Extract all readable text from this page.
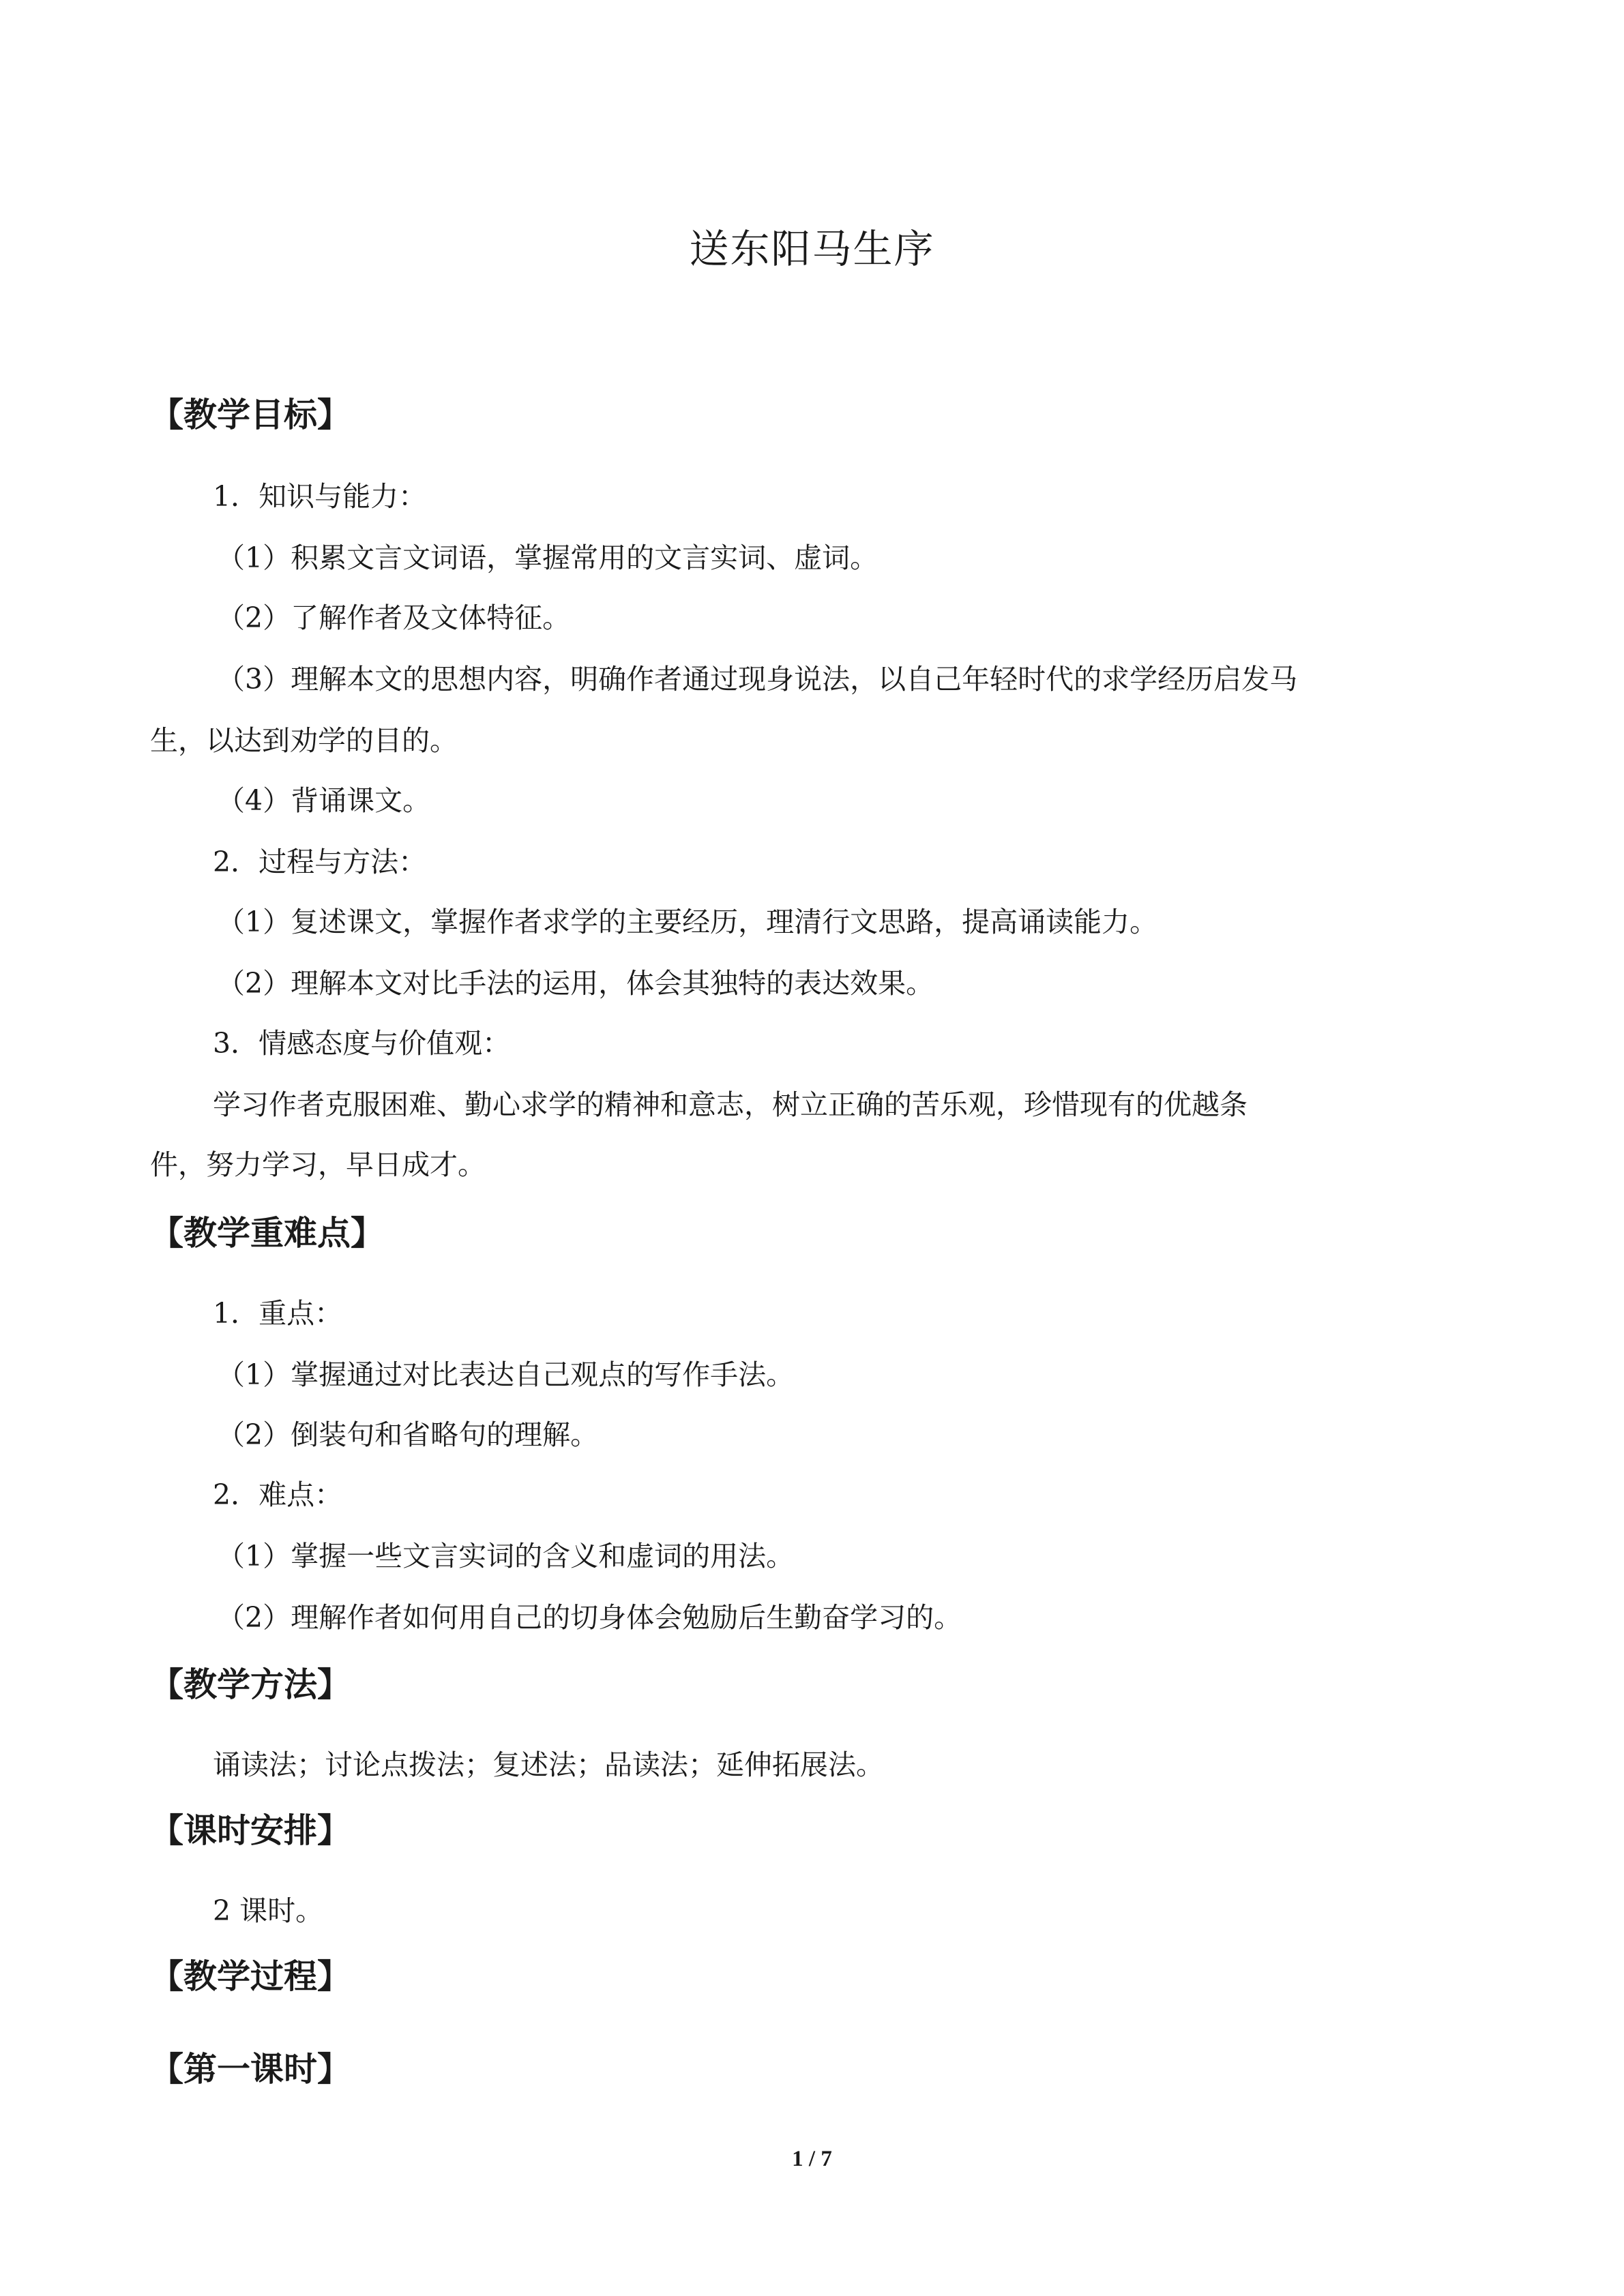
送东阳马生序
【教学目标】

1．知识与能力：

（1）积累文言文词语，掌握常用的文言实词、虚词。

（2）了解作者及文体特征。

（3）理解本文的思想内容，明确作者通过现身说法，以自己年轻时代的求学经历启发马

生，以达到劝学的目的。

（4）背诵课文。

2．过程与方法：

（1）复述课文，掌握作者求学的主要经历，理清行文思路，提高诵读能力。

（2）理解本文对比手法的运用，体会其独特的表达效果。

3．情感态度与价值观：

学习作者克服困难、勤心求学的精神和意志，树立正确的苦乐观，珍惜现有的优越条

件，努力学习，早日成才。

【教学重难点】

1．重点：

（1）掌握通过对比表达自己观点的写作手法。

（2）倒装句和省略句的理解。

2．难点：

（1）掌握一些文言实词的含义和虚词的用法。

（2）理解作者如何用自己的切身体会勉励后生勤奋学习的。

【教学方法】

诵读法；讨论点拨法；复述法；品读法；延伸拓展法。

【课时安排】

2 课时。

【教学过程】
【第一课时】
1 / 7
